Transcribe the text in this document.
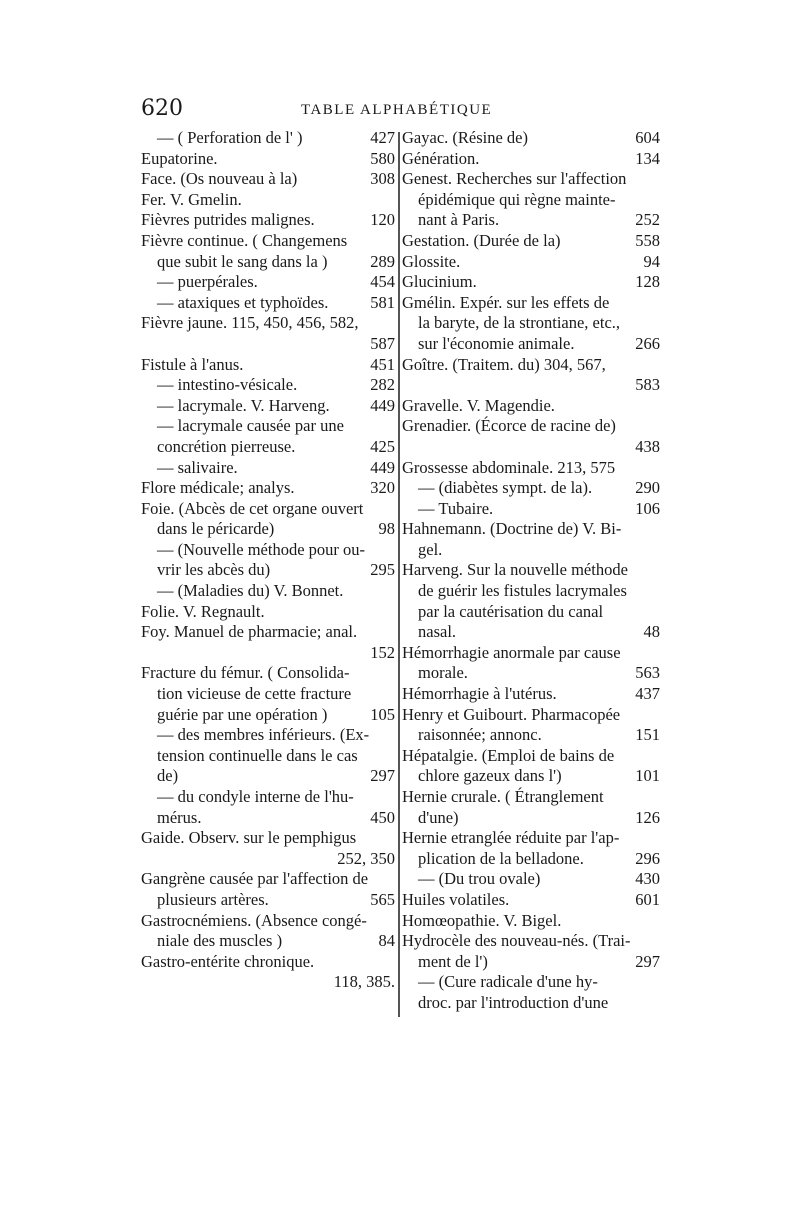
620	TABLE ALPHABÉTIQUE
— ( Perforation de l' )	427
Eupatorine.	580
Face. (Os nouveau à la)	308
Fer. V. Gmelin.
Fièvres putrides malignes.	120
Fièvre continue. ( Changemens
que subit le sang dans la )	289
— puerpérales.	454
— ataxiques et typhoïdes.	581
Fièvre jaune. 115, 450, 456, 582,
587
Fistule à l'anus.	451
— intestino-vésicale.	282
— lacrymale. V. Harveng. 449
— lacrymale causée par une
concrétion pierreuse.	425
— salivaire.	449
Flore médicale; analys.	320
Foie. (Abcès de cet organe ouvert
dans le péricarde)	98
— (Nouvelle méthode pour ou-
vrir les abcès du)	295
— (Maladies du) V. Bonnet.
Folie. V. Regnault.
Foy. Manuel de pharmacie; anal.
152
Fracture du fémur. ( Consolida-
tion vicieuse de cette fracture
guérie par une opération )	105
— des membres inférieurs. (Ex-
tension continuelle dans le cas
de)	297
— du condyle interne de l'hu-
mérus.	450
Gaide. Observ. sur le pemphigus
252, 350
Gangrène causée par l'affection de
plusieurs artères.	565
Gastrocnémiens. (Absence congé-
niale des muscles )	84
Gastro-entérite chronique.
118, 385.
Gayac. (Résine de)	604
Génération.	134
Genest. Recherches sur l'affection
épidémique qui règne mainte-
nant à Paris.	252
Gestation. (Durée de la)	558
Glossite.	94
Glucinium.	128
Gmélin. Expér. sur les effets de
la baryte, de la strontiane, etc.,
sur l'économie animale.	266
Goître. (Traitem. du) 304, 567,
583
Gravelle. V. Magendie.
Grenadier. (Écorce de racine de)
438
Grossesse abdominale. 213, 575
— (diabètes sympt. de la).	290
— Tubaire.	106
Hahnemann. (Doctrine de) V. Bi-
gel.
Harveng. Sur la nouvelle méthode
de guérir les fistules lacrymales
par la cautérisation du canal
nasal.	48
Hémorrhagie anormale par cause
morale.	563
Hémorrhagie à l'utérus.	437
Henry et Guibourt. Pharmacopée
raisonnée; annonc.	151
Hépatalgie. (Emploi de bains de
chlore gazeux dans l')	101
Hernie crurale. ( Étranglement
d'une)	126
Hernie etranglée réduite par l'ap-
plication de la belladone.	296
— (Du trou ovale)	430
Huiles volatiles.	601
Homœopathie. V. Bigel.
Hydrocèle des nouveau-nés. (Trai-
ment de l')	297
— (Cure radicale d'une hy-
droc. par l'introduction d'une
